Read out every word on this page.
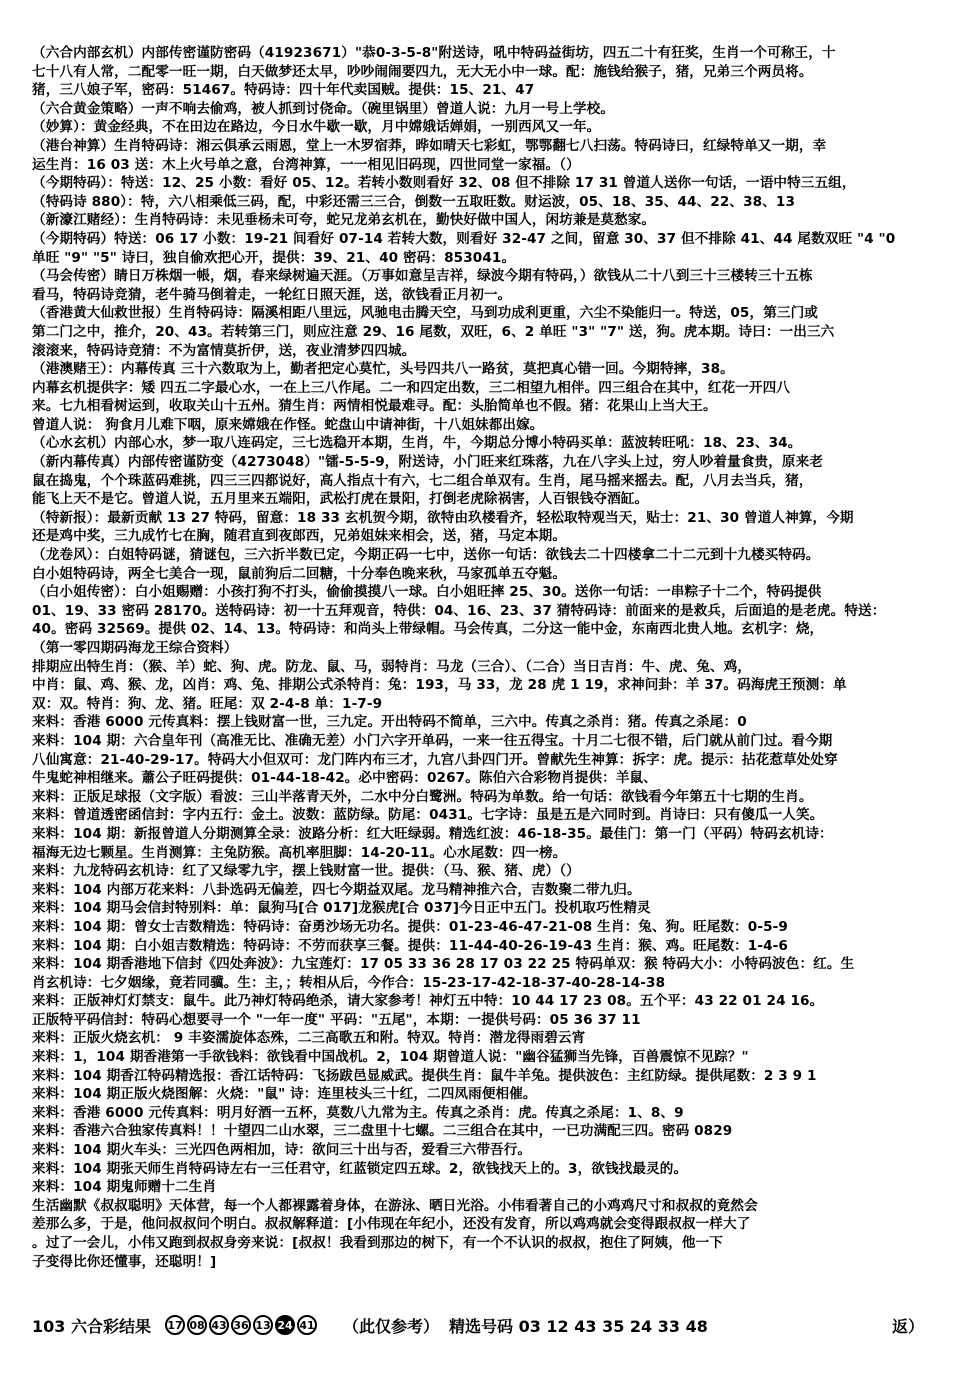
（六合内部玄机）内部传密谨防密码（41923671）"恭0-3-5-8"附送诗，吼中特码益街坊，四五二十有狂奖，生肖一个可称王，十
七十八有人常，二配零一旺一期，白天做梦还太早，吵吵闹闹要四九，无大无小中一球。配：施钱给猴子，猪，兄弟三个两员将。
猪，三八娘子军，密码：51467。特码诗：四十年代卖国贼。提供：15、21、47
（六合黄金策略）一声不响去偷鸡，被人抓到讨侥命。（碗里锅里）曾道人说：九月一号上学校。
（妙算）：黄金经典，不在田边在路边，今日水牛歇一歇，月中嫦娥话婵娟，一别西风又一年。
（港台神算）生肖特码诗：湘云俱承云雨恩，堂上一木罗宿莽，晔如晴天七彩虹，鄂鄂翻七八扫荡。特码诗曰，红绿特单又一期，幸
运生肖：16 03 送：木上火号单之意，台湾神算，一一相见旧码现，四世同堂一家福。（）
（今期特码）：特送：12、25 小数：看好 05、12。若转小数则看好 32、08 但不排除 17 31 曾道人送你一句话，一语中特三五组，
（特码诗 880）：特，六八相乘低三码，配，中彩还需三三合，倒数一五取旺数。财运波，05、18、35、44、22、38、13
（新濠江赌经）：生肖特码诗：未见垂杨未可夸，蛇兄龙弟玄机在，勤快好做中国人，闲坊兼是莫愁家。
（今期特码）特送：06 17 小数：19-21 间看好 07-14 若转大数，则看好 32-47 之间，留意 30、37 但不排除 41、44 尾数双旺 "4 "0
单旺 "9" "5" 诗曰，独自偷欢把心开，提供：39、21、40 密码：853041。
（马会传密）睛日万株烟一帳，烟，春来绿树遍天涯。（万事如意呈吉祥，绿波今期有特码，）欲钱从二十八到三十三楼转三十五栋
看马，特码诗竞猜，老牛骑马倒着走，一轮红日照天涯，送，欲钱看正月初一。
（香港黄大仙救世报）生肖特码诗：隔溪相距八里远，风驰电击腾天空，马到功成利更重，六尘不染能归一。特送，05，第三门或
第二门之中，推介，20、43。若转第三门，则应注意 29、16 尾数，双旺，6、2 单旺 "3" "7" 送，狗。虎本期。诗曰：一出三六
滚滚来，特码诗竞猜：不为富情莫折伊，送，夜业清梦四四城。
（港澳赌王）：内幕传真 三十六数取为上，勤者把定心莫忙，头号四共八一路贫，莫把真心错一回。今期特摔，38。
内幕玄机提供字：矮 四五二字最心水，一在上三八作尾。二一和四定出数，三二相望九相伴。四三组合在其中，红花一开四八
来。七九相看树运到，收取关山十五州。猜生肖：两情相悦最难寻。配：头胎简单也不假。猪：花果山上当大王。
曾道人说： 狗食月儿难下咽，原来嫦娥在作怪。蛇盘山中请神街，十八姐妹都出嫁。
（心水玄机）内部心水，梦一取八连码定，三七选稳开本期，生肖，牛，今期总分博小特码买单：蓝波转旺吼：18、23、34。
（新内幕传真）内部传密谨防变（4273048）"镭-5-5-9，附送诗，小门旺来红珠落，九在八字头上过，穷人吵着量食贵，原来老
鼠在捣鬼，个个珠蓝码难挑，四三三四都说好，高人指点十有六，七二组合单双有。生肖，尾马摇来摇去。配，八月去当兵，猪，
能飞上天不是它。曾道人说，五月里来五端阳，武松打虎在景阳，打倒老虎除祸害，人百银钱夺酒缸。
（特新报）：最新贡献 13 27 特码，留意：18 33 玄机贺今期，欲特由玖楼看齐，轻松取特观当天，贴士：21、30 曾道人神算，今期
还是鸡中奖，三九成竹七在胸，随君直到夜郎西，兄弟姐妹来相会，送，猪，马定本期。
（龙卷风）：白姐特码谜，猜谜包，三六折半数已定，今期正码一七中，送你一句话：欲钱去二十四楼拿二十二元到十九楼买特码。
白小姐特码诗，两全七美合一现，鼠前狗后二回糖，十分奉色晚来秋，马家孤单五夺魁。
（白小姐传密）：白小姐赐赠：小孩打狗不打头，偷偷摸摸八一球。白小姐旺摔 25、30。送你一句话：一串粽子十二个，特码提供
01、19、33 密码 28170。送特码诗：初一十五拜观音，特供：04、16、23、37 猜特码诗：前面来的是救兵，后面追的是老虎。特送：
40。密码 32569。提供 02、14、13。特码诗：和尚头上带绿帽。马会传真，二分这一能中金，东南西北贵人地。玄机字：烧，
（第一零四期码海龙王综合资料）
排期应出特生肖：（猴、羊）蛇、狗、虎。防龙、鼠、马，弱特肖：马龙（三合）、（二合）当日吉肖：牛、虎、兔、鸡，
中肖：鼠、鸡、猴、龙，凶肖：鸡、兔、排期公式杀特肖：兔：193，马 33，龙 28 虎 1 19，求神问卦：羊 37。码海虎王预测：单
双：双。特肖：狗、龙、猪。旺尾：双 2-4-8 单：1-7-9
来料：香港 6000 元传真料：摆上钱财富一世，三九定。开出特码不简单，三六中。传真之杀肖：猪。传真之杀尾：0
来料：104 期：六合皇年刊（高准无比、准确无差）小门六字开单码，一来一往五得宝。十月二七很不错，后门就从前门过。看今期
八仙寓意：21-40-29-17。特码大小但双可：龙门阵内布三才，九宫八卦四门开。曾献先生神算：拆字：虎。提示：拈花惹草处处穿
牛鬼蛇神相继来。蕭公子旺码提供：01-44-18-42。必中密码：0267。陈伯六合彩物肖提供：羊鼠、
来料：正版足球报（文字版）看波：三山半落青天外，二水中分白鹭洲。特码为单数。给一句话：欲钱看今年第五十七期的生肖。
来料：曾道透密函信封：字内五行：金土。波数：蓝防绿。防尾：0431。七字诗：虽是五是六同时到。肖诗曰：只有傻瓜一人笑。
来料：104 期：新报曾道人分期测算全录：波路分析：红大旺绿弱。精选红波：46-18-35。最佳门：第一门（平码）特码玄机诗：
福海无边七颗星。生肖测算：主兔防猴。高机率胆脚：14-20-11。心水尾数：四一榜。
来料：九龙特码玄机诗：红了又绿零九宇，摆上钱财富一世。提供：（马、猴、猪、虎）（）
来料：104 内部万花来料：八卦选码无偏差，四七今期益双尾。龙马精神推六合，吉数聚二带九归。
来料：104 期马会信封特别料：单：鼠狗马[合 017]龙猴虎[合 037]今日正中五门。投机取巧性精灵
来料：104 期：曾女士吉数精选：特码诗：奋勇沙场无功名。提供：01-23-46-47-21-08 生肖：兔、狗。旺尾数：0-5-9
来料：104 期：白小姐吉数精选：特码诗：不劳而获享三餐。提供：11-44-40-26-19-43 生肖：猴、鸡。旺尾数：1-4-6
来料：104 期香港地下信封《四处奔波》：九宝莲灯：17 05 33 36 28 17 03 22 25 特码单双：猴 特码大小：小特码波色：红。生
肖玄机诗：七夕姻缘，竟若同骥。生：主，；转相从后，今作合：15-23-17-42-18-37-40-28-14-38
来料：正版神灯灯禁支：鼠牛。此乃神灯特码绝杀，请大家参考！神灯五中特：10 44 17 23 08。五个平：43 22 01 24 16。
正版特平码信封：特码心想要寻一个 "一年一度" 平码："五尾"，本期：一提供号码：05 36 37 11
来料：正版火烧玄机： 9 丰姿濡旋体态殊，二三高歌五和附。特双。特肖：潜龙得雨碧云宵
来料：1，104 期香港第一手欲钱料：欲钱看中国战机。2，104 期曾道人说："幽谷猛狮当先锋，百兽震惊不见踪？"
来料：104 期香江特码精选报：香江话特码：飞扬跋邑显威武。提供生肖：鼠牛羊兔。提供波色：主红防绿。提供尾数：2 3 9 1
来料：104 期正版火烧图解：火烧："鼠" 诗：连里枝头三十红，二四凤雨便相催。
来料：香港 6000 元传真料：明月好酒一五杯，莫数八九常为主。传真之杀肖：虎。传真之杀尾：1、8、9
来料：香港六合独家传真料！！十望四二山水翠，三二盘里十七螺。二三组合在其中，一已功满配三四。密码 0829
来料：104 期火车头：三光四色两相加，诗：欲问三十出与否，爱看三六带吾行。
来料：104 期张天师生肖特码诗左右一三任君守，红蓝锁定四五球。2，欲钱找天上的。3，欲钱找最灵的。
来料：104 期鬼师赠十二生肖
生活幽默《叔叔聪明》天体营，每一个人都裸露着身体，在游泳、晒日光浴。小伟看著自己的小鸡鸡尺寸和叔叔的竟然会
差那么多，于是，他问叔叔问个明白。叔叔解释道：[小伟现在年纪小，还没有发育，所以鸡鸡就会变得跟叔叔一样大了
。过了一会儿，小伟又跑到叔叔身旁来说：[叔叔！我看到那边的树下，有一个不认识的叔叔，抱住了阿姨，他一下
子变得比你还懂事，还聪明！]
103 六合彩结果 17 08 43 36 13 24 41 （此仅参考） 精选号码 03 12 43 35 24 33 48	返）
